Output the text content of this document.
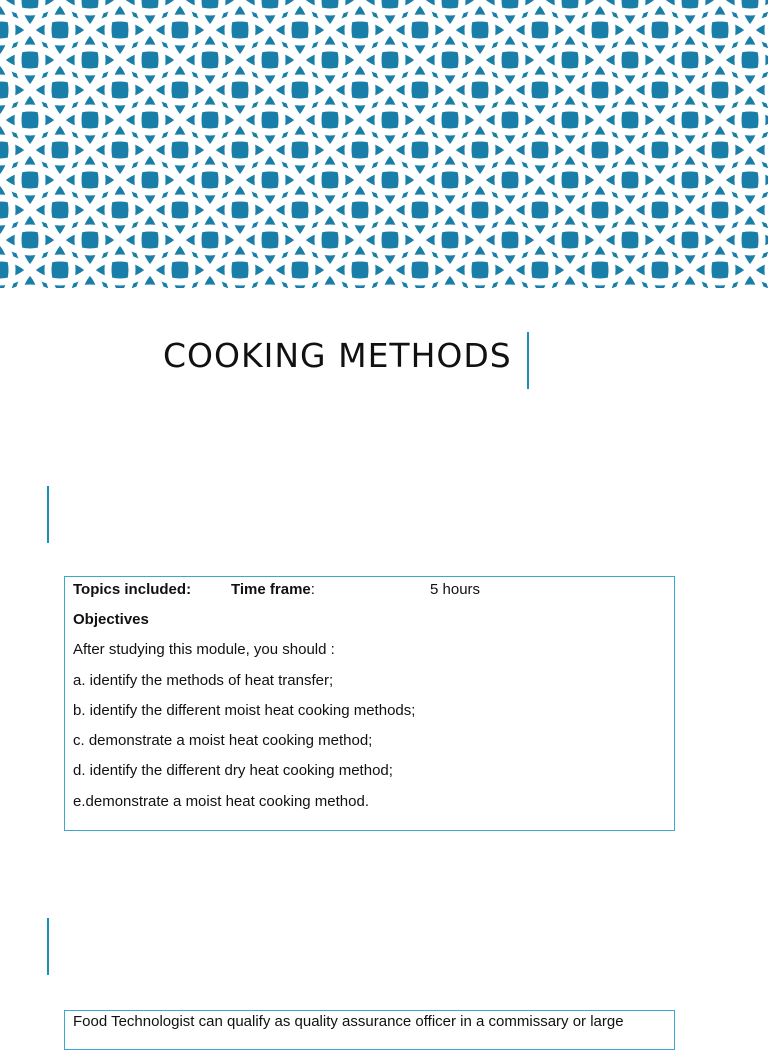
COOKING METHODS
Topics included:	Time frame:	5 hours
Objectives
After studying this module, you should :
a. identify the methods of heat transfer;
b. identify the different moist heat cooking methods;
c. demonstrate a moist heat cooking method;
d. identify the different dry heat cooking method;
e.demonstrate a moist heat cooking method.
Food Technologist can qualify as quality assurance officer in a commissary or large
